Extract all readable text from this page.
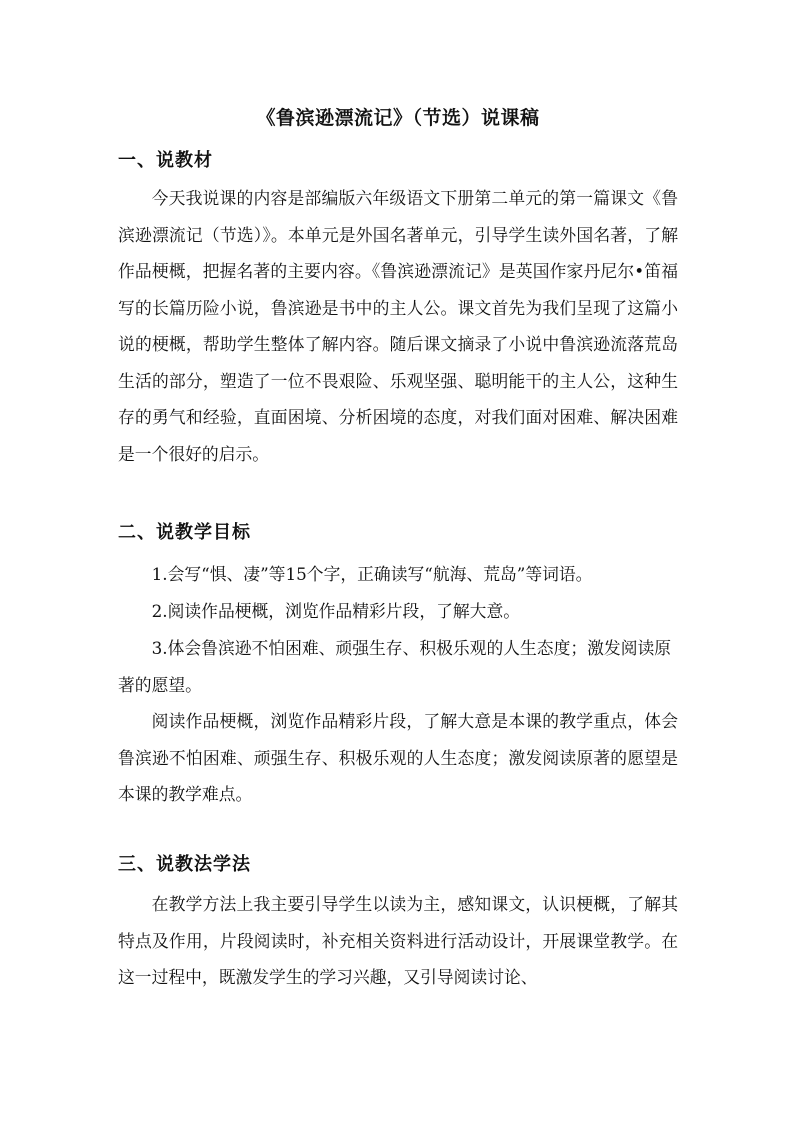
《鲁滨逊漂流记》（节选）说课稿
一、说教材
今天我说课的内容是部编版六年级语文下册第二单元的第一篇课文《鲁滨逊漂流记（节选）》。本单元是外国名著单元，引导学生读外国名著，了解作品梗概，把握名著的主要内容。《鲁滨逊漂流记》是英国作家丹尼尔•笛福写的长篇历险小说，鲁滨逊是书中的主人公。课文首先为我们呈现了这篇小说的梗概，帮助学生整体了解内容。随后课文摘录了小说中鲁滨逊流落荒岛生活的部分，塑造了一位不畏艰险、乐观坚强、聪明能干的主人公，这种生存的勇气和经验，直面困境、分析困境的态度，对我们面对困难、解决困难是一个很好的启示。
二、说教学目标
1.会写“惧、凄”等15个字，正确读写“航海、荒岛”等词语。
2.阅读作品梗概，浏览作品精彩片段，了解大意。
3.体会鲁滨逊不怕困难、顽强生存、积极乐观的人生态度；激发阅读原著的愿望。
阅读作品梗概，浏览作品精彩片段，了解大意是本课的教学重点，体会鲁滨逊不怕困难、顽强生存、积极乐观的人生态度；激发阅读原著的愿望是本课的教学难点。
三、说教法学法
在教学方法上我主要引导学生以读为主，感知课文，认识梗概，了解其特点及作用，片段阅读时，补充相关资料进行活动设计，开展课堂教学。在这一过程中，既激发学生的学习兴趣，又引导阅读讨论、
